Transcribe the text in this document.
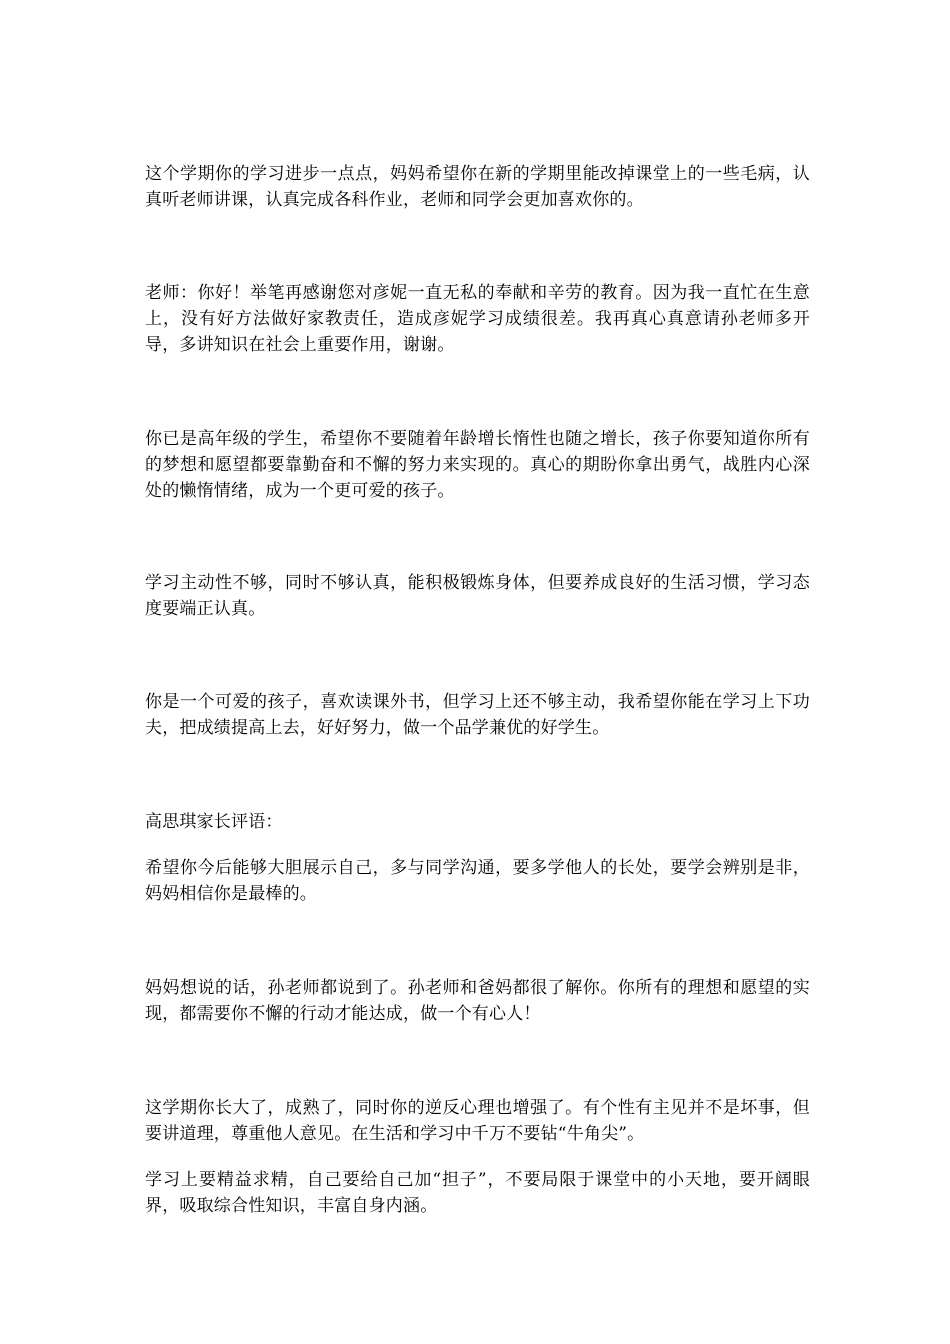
这个学期你的学习进步一点点，妈妈希望你在新的学期里能改掉课堂上的一些毛病，认真听老师讲课，认真完成各科作业，老师和同学会更加喜欢你的。

老师：你好！举笔再感谢您对彦妮一直无私的奉献和辛劳的教育。因为我一直忙在生意上，没有好方法做好家教责任，造成彦妮学习成绩很差。我再真心真意请孙老师多开导，多讲知识在社会上重要作用，谢谢。

你已是高年级的学生，希望你不要随着年龄增长惰性也随之增长，孩子你要知道你所有的梦想和愿望都要靠勤奋和不懈的努力来实现的。真心的期盼你拿出勇气，战胜内心深处的懒惰情绪，成为一个更可爱的孩子。

学习主动性不够，同时不够认真，能积极锻炼身体，但要养成良好的生活习惯，学习态度要端正认真。

你是一个可爱的孩子，喜欢读课外书，但学习上还不够主动，我希望你能在学习上下功夫，把成绩提高上去，好好努力，做一个品学兼优的好学生。

高思琪家长评语：

希望你今后能够大胆展示自己，多与同学沟通，要多学他人的长处，要学会辨别是非，妈妈相信你是最棒的。

妈妈想说的话，孙老师都说到了。孙老师和爸妈都很了解你。你所有的理想和愿望的实现，都需要你不懈的行动才能达成，做一个有心人！

这学期你长大了，成熟了，同时你的逆反心理也增强了。有个性有主见并不是坏事，但要讲道理，尊重他人意见。在生活和学习中千万不要钻“牛角尖”。

学习上要精益求精，自己要给自己加“担子”，不要局限于课堂中的小天地，要开阔眼界，吸取综合性知识，丰富自身内涵。
